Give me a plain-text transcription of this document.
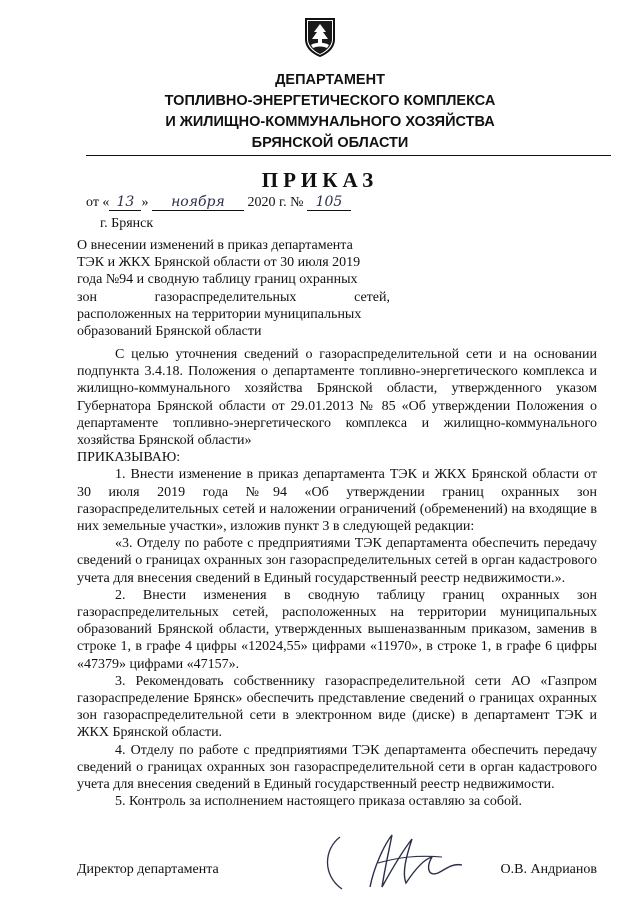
ДЕПАРТАМЕНТ
ТОПЛИВНО-ЭНЕРГЕТИЧЕСКОГО КОМПЛЕКСА
И ЖИЛИЩНО-КОММУНАЛЬНОГО ХОЗЯЙСТВА
БРЯНСКОЙ ОБЛАСТИ
ПРИКАЗ
от « 13 » ноября 2020 г. № 105
г. Брянск
О внесении изменений в приказ департамента
ТЭК и ЖКХ Брянской области от 30 июля 2019
года №94 и сводную таблицу границ охранных
зон газораспределительных сетей,
расположенных на территории муниципальных
образований Брянской области

С целью уточнения сведений о газораспределительной сети и на основании подпункта 3.4.18. Положения о департаменте топливно-энергетического комплекса и жилищно-коммунального хозяйства Брянской области, утвержденного указом Губернатора Брянской области от 29.01.2013 № 85 «Об утверждении Положения о департаменте топливно-энергетического комплекса и жилищно-коммунального хозяйства Брянской области»

ПРИКАЗЫВАЮ:

1. Внести изменение в приказ департамента ТЭК и ЖКХ Брянской области от 30 июля 2019 года №94 «Об утверждении границ охранных зон газораспределительных сетей и наложении ограничений (обременений) на входящие в них земельные участки», изложив пункт 3 в следующей редакции:

«3. Отделу по работе с предприятиями ТЭК департамента обеспечить передачу сведений о границах охранных зон газораспределительных сетей в орган кадастрового учета для внесения сведений в Единый государственный реестр недвижимости.».

2. Внести изменения в сводную таблицу границ охранных зон газораспределительных сетей, расположенных на территории муниципальных образований Брянской области, утвержденных вышеназванным приказом, заменив в строке 1, в графе 4 цифры «12024,55» цифрами «11970», в строке 1, в графе 6 цифры «47379» цифрами «47157».

3. Рекомендовать собственнику газораспределительной сети АО «Газпром газораспределение Брянск» обеспечить представление сведений о границах охранных зон газораспределительной сети в электронном виде (диске) в департамент ТЭК и ЖКХ Брянской области.

4. Отделу по работе с предприятиями ТЭК департамента обеспечить передачу сведений о границах охранных зон газораспределительной сети в орган кадастрового учета для внесения сведений в Единый государственный реестр недвижимости.

5. Контроль за исполнением настоящего приказа оставляю за собой.

Директор департамента	О.В. Андрианов
